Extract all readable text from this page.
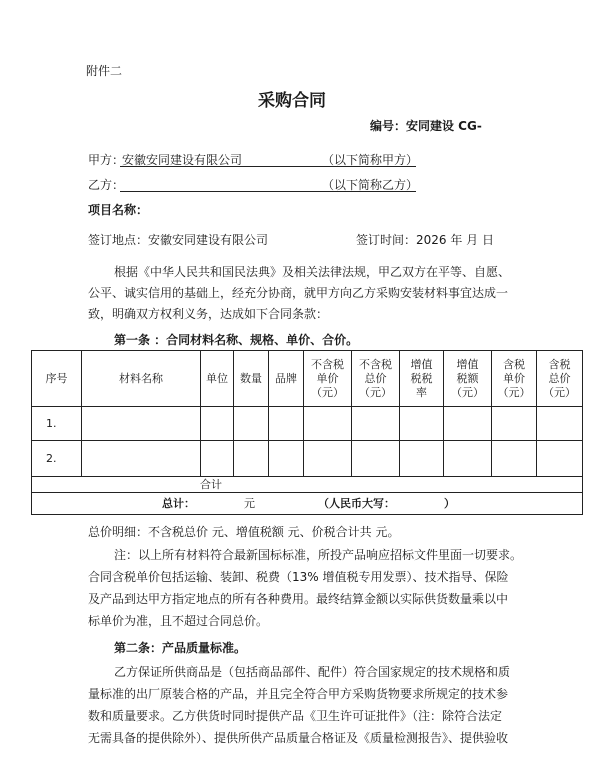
附件二
采购合同
编号：安同建设 CG-
甲方：
安徽安同建设有限公司	（以下简称甲方）
乙方：	（以下简称乙方）
项目名称：
签订地点：安徽安同建设有限公司	签订时间：2026 年 月 日
根据《中华人民共和国民法典》及相关法律法规，甲乙双方在平等、自愿、
公平、诚实信用的基础上，经充分协商，就甲方向乙方采购安装材料事宜达成一
致，明确双方权利义务，达成如下合同条款：
第一条 ：合同材料名称、规格、单价、合价。
序号	材料名称	单位	数量	品牌	不含税
单价
（元）	不含税
总价
（元）	增值
税税
率	增值
税额
（元）	含税
单价
（元）	含税
总价
（元）
1.										
2.										
合计										

总计： 元 （人民币大写： ）										
总价明细：不含税总价 元、增值税额 元、价税合计共 元。
注：以上所有材料符合最新国标标准，所投产品响应招标文件里面一切要求。
合同含税单价包括运输、装卸、税费（13% 增值税专用发票）、技术指导、保险
及产品到达甲方指定地点的所有各种费用。最终结算金额以实际供货数量乘以中
标单价为准，且不超过合同总价。
第二条：产品质量标准。
乙方保证所供商品是（包括商品部件、配件）符合国家规定的技术规格和质
量标准的出厂原装合格的产品，并且完全符合甲方采购货物要求所规定的技术参
数和质量要求。乙方供货时同时提供产品《卫生许可证批件》（注：除符合法定
无需具备的提供除外）、提供所供产品质量合格证及《质量检测报告》、提供验收
